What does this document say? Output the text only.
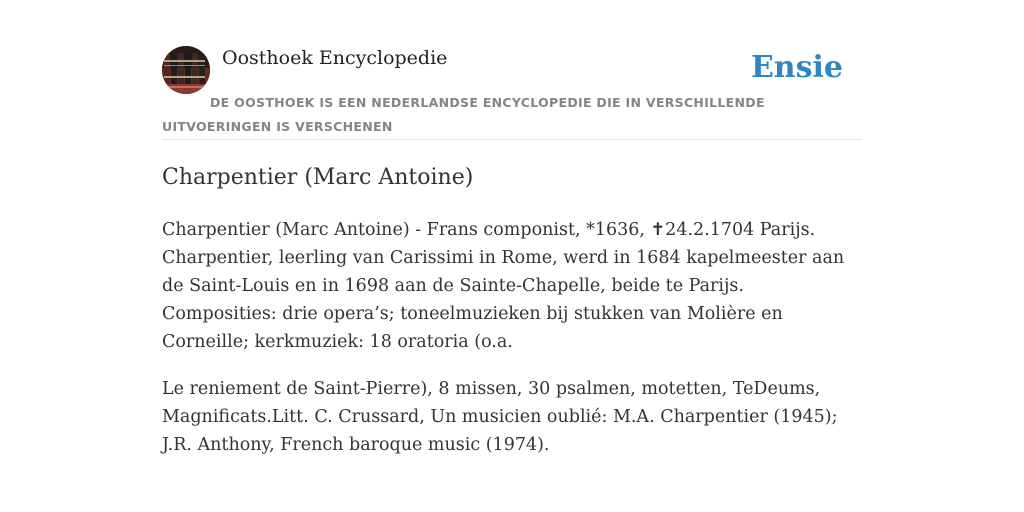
Oosthoek Encyclopedie	Ensie
DE OOSTHOEK IS EEN NEDERLANDSE ENCYCLOPEDIE DIE IN VERSCHILLENDE UITVOERINGEN IS VERSCHENEN
Charpentier (Marc Antoine)

Charpentier (Marc Antoine) - Frans componist, *1636, ✝24.2.1704 Parijs. Charpentier, leerling van Carissimi in Rome, werd in 1684 kapelmeester aan de Saint-Louis en in 1698 aan de Sainte-Chapelle, beide te Parijs. Composities: drie opera’s; toneelmuzieken bij stukken van Molière en Corneille; kerkmuziek: 18 oratoria (o.a.

Le reniement de Saint-Pierre), 8 missen, 30 psalmen, motetten, TeDeums, Magnificats.Litt. C. Crussard, Un musicien oublié: M.A. Charpentier (1945); J.R. Anthony, French baroque music (1974).
